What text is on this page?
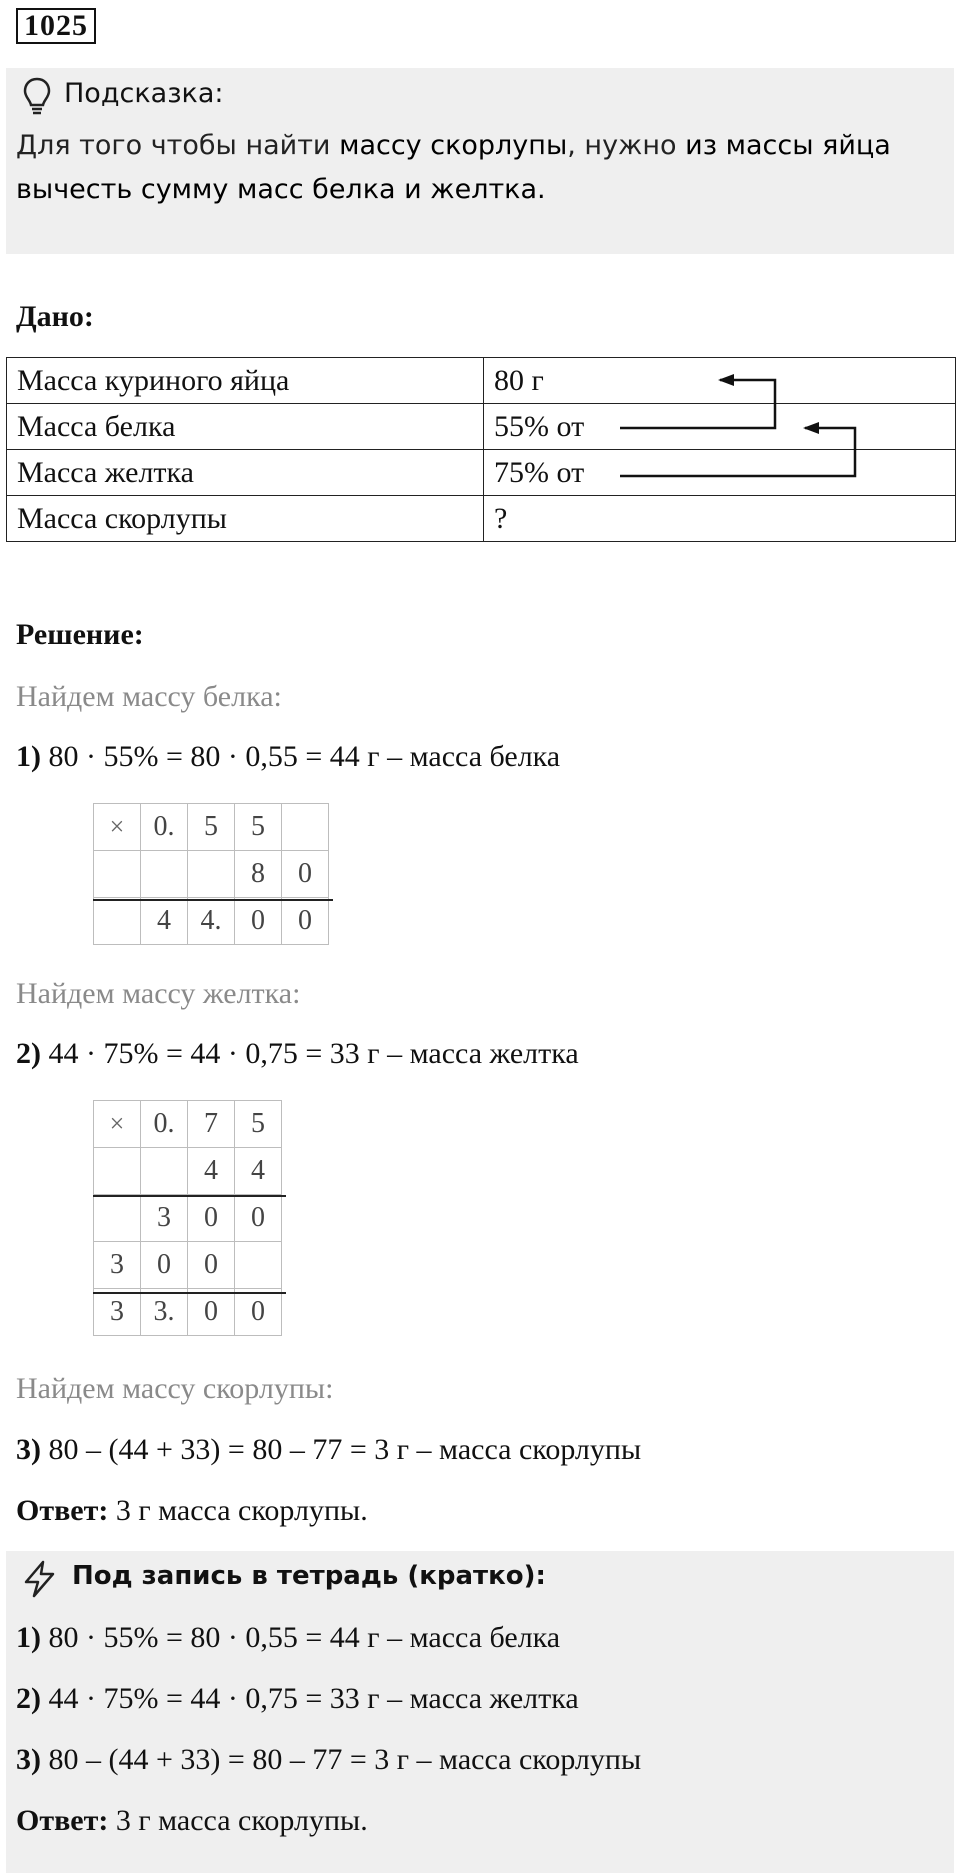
1025
Подсказка:
Для того чтобы найти массу скорлупы, нужно из массы яйца вычесть сумму масс белка и желтка.
Дано:
Масса куриного яйца	80 г
Масса белка	55% от
Масса желтка	75% от
Масса скорлупы	?
Решение:
Найдем массу белка:
1) 80 · 55% = 80 · 0,55 = 44 г – масса белка
×	0.	5	5	
			8	0
	4	4.	0	0
Найдем массу желтка:
2) 44 · 75% = 44 · 0,75 = 33 г – масса желтка
×	0.	7	5
		4	4
	3	0	0
3	0	0	
3	3.	0	0
Найдем массу скорлупы:
3) 80 – (44 + 33) = 80 – 77 = 3 г – масса скорлупы
Ответ: 3 г масса скорлупы.
Под запись в тетрадь (кратко):
1) 80 · 55% = 80 · 0,55 = 44 г – масса белка
2) 44 · 75% = 44 · 0,75 = 33 г – масса желтка
3) 80 – (44 + 33) = 80 – 77 = 3 г – масса скорлупы
Ответ: 3 г масса скорлупы.
